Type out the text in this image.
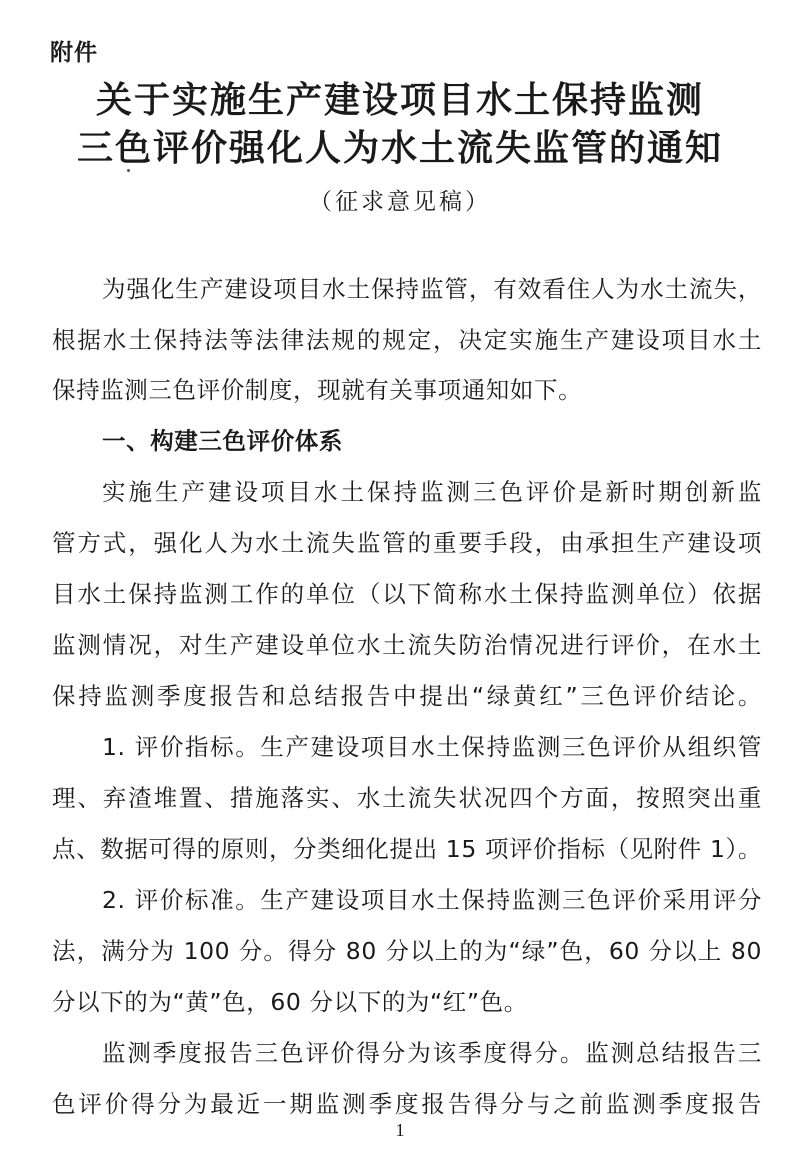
附件
关于实施生产建设项目水土保持监测
三色评价强化人为水土流失监管的通知
（征求意见稿）
为强化生产建设项目水土保持监管，有效看住人为水土流失，
根据水土保持法等法律法规的规定，决定实施生产建设项目水土
保持监测三色评价制度，现就有关事项通知如下。
一、构建三色评价体系
实施生产建设项目水土保持监测三色评价是新时期创新监
管方式，强化人为水土流失监管的重要手段，由承担生产建设项
目水土保持监测工作的单位（以下简称水土保持监测单位）依据
监测情况，对生产建设单位水土流失防治情况进行评价，在水土
保持监测季度报告和总结报告中提出“绿黄红”三色评价结论。
1. 评价指标。生产建设项目水土保持监测三色评价从组织管
理、弃渣堆置、措施落实、水土流失状况四个方面，按照突出重
点、数据可得的原则，分类细化提出 15 项评价指标（见附件 1）。
2. 评价标准。生产建设项目水土保持监测三色评价采用评分
法，满分为 100 分。得分 80 分以上的为“绿”色，60 分以上 80
分以下的为“黄”色，60 分以下的为“红”色。
监测季度报告三色评价得分为该季度得分。监测总结报告三
色评价得分为最近一期监测季度报告得分与之前监测季度报告
1
